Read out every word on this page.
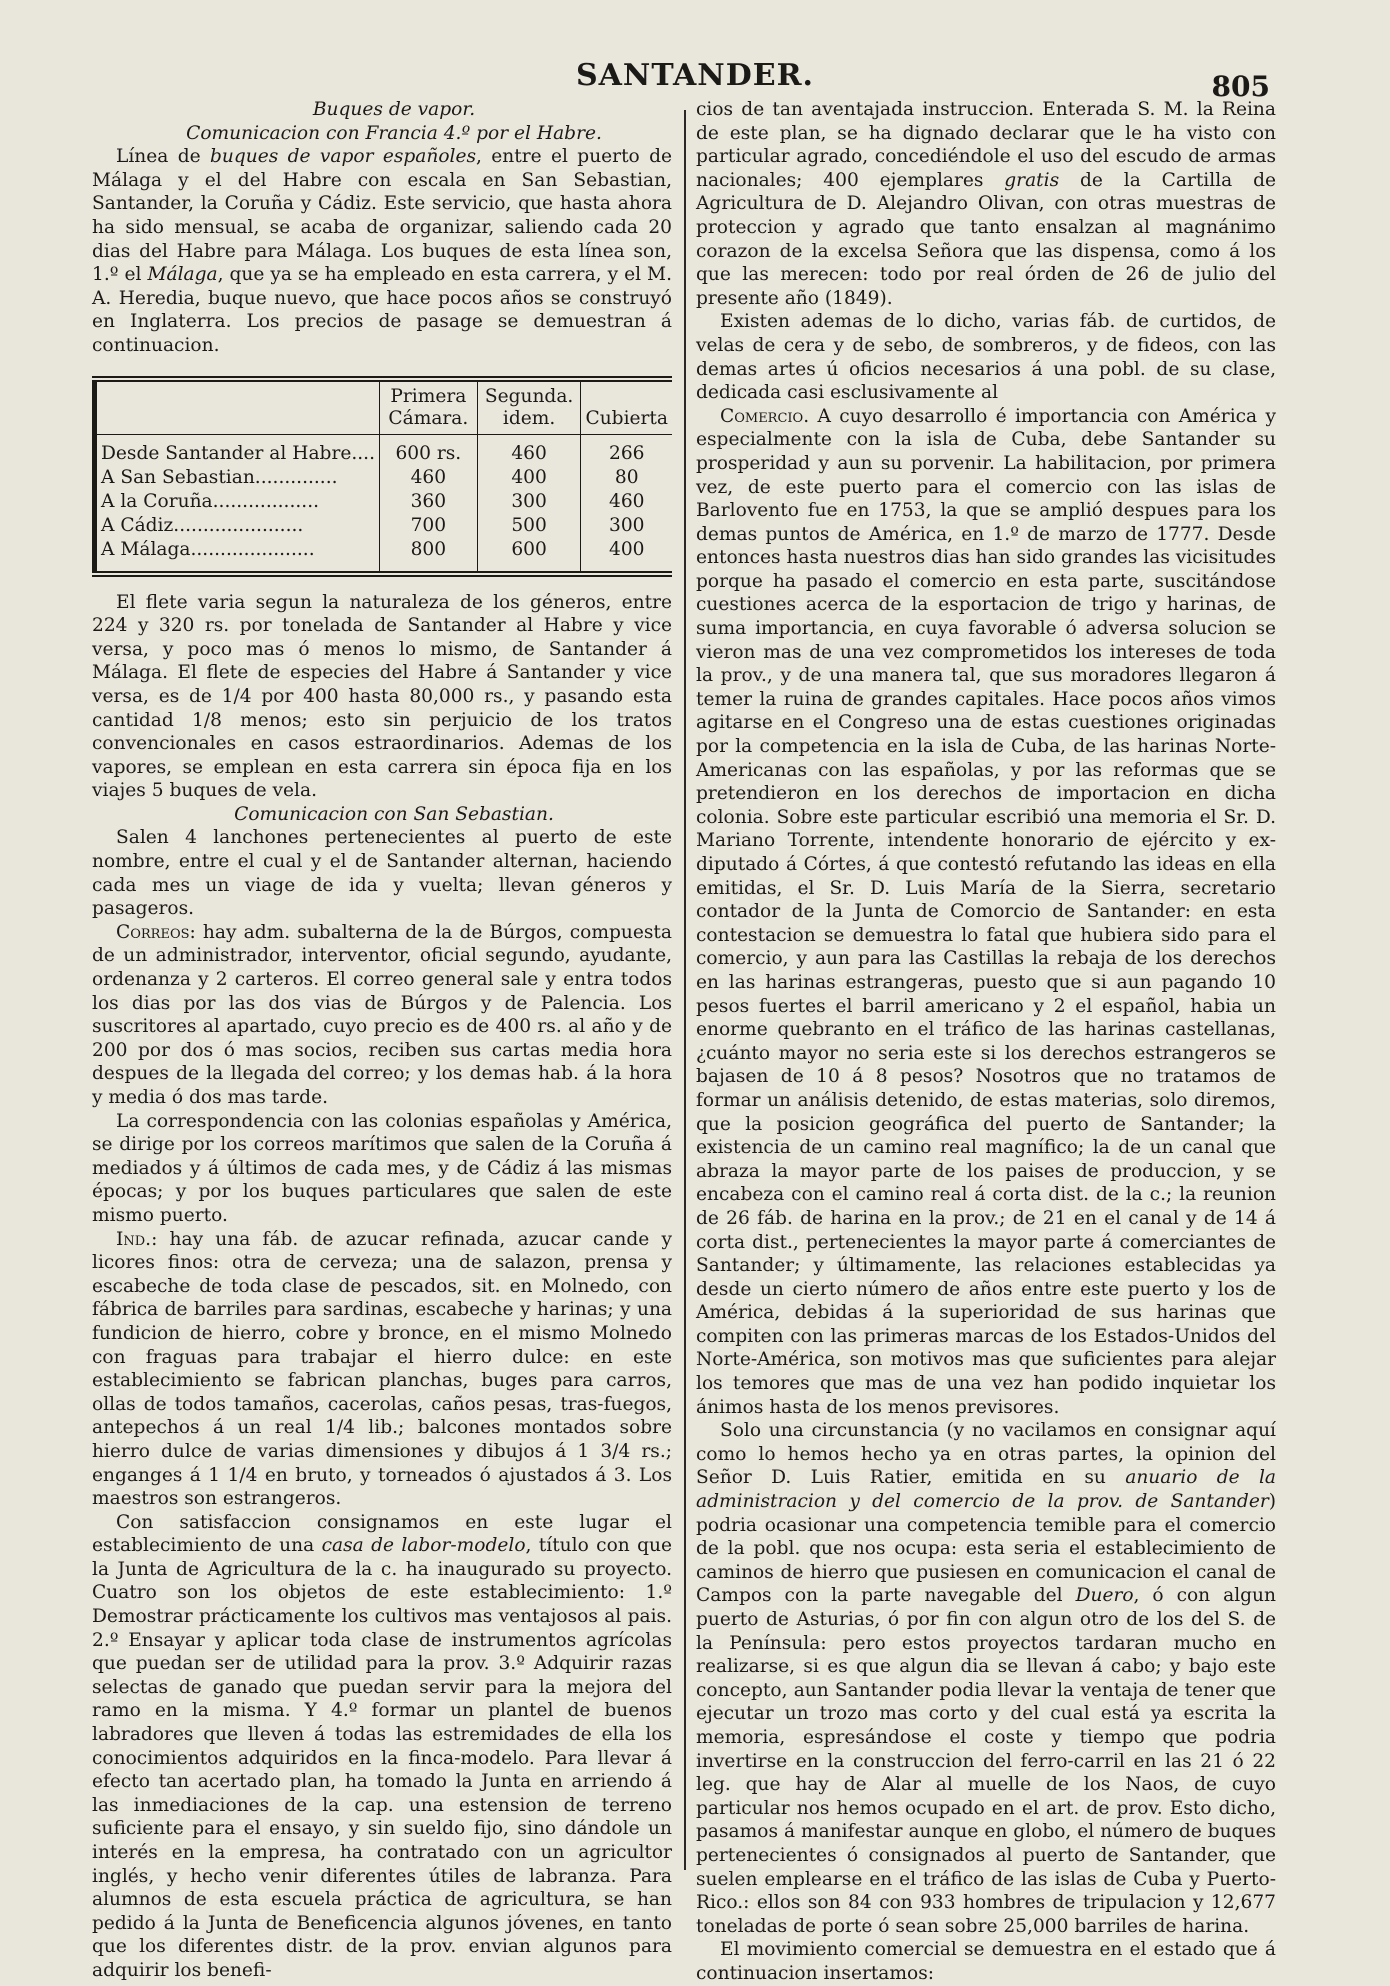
SANTANDER.	805

Buques de vapor.

Comunicacion con Francia 4.º por el Habre.

Línea de buques de vapor españoles, entre el puerto de Málaga y el del Habre con escala en San Sebastian, Santander, la Coruña y Cádiz. Este servicio, que hasta ahora ha sido mensual, se acaba de organizar, saliendo cada 20 dias del Habre para Málaga. Los buques de esta línea son, 1.º el Málaga, que ya se ha empleado en esta carrera, y el M. A. Heredia, buque nuevo, que hace pocos años se construyó en Inglaterra. Los precios de pasage se demuestran á continuacion.

	Primera Cámara.	Segunda. idem.	Cubierta
Desde Santander al Habre....	600 rs.	460	266
A San Sebastian..............	460	400	80
A la Coruña..................	360	300	460
A Cádiz......................	700	500	300
A Málaga.....................	800	600	400

El flete varia segun la naturaleza de los géneros, entre 224 y 320 rs. por tonelada de Santander al Habre y vice versa, y poco mas ó menos lo mismo, de Santander á Málaga. El flete de especies del Habre á Santander y vice versa, es de 1/4 por 400 hasta 80,000 rs., y pasando esta cantidad 1/8 menos; esto sin perjuicio de los tratos convencionales en casos estraordinarios. Ademas de los vapores, se emplean en esta carrera sin época fija en los viajes 5 buques de vela.

Comunicacion con San Sebastian.

Salen 4 lanchones pertenecientes al puerto de este nombre, entre el cual y el de Santander alternan, haciendo cada mes un viage de ida y vuelta; llevan géneros y pasageros.

Correos: hay adm. subalterna de la de Búrgos, compuesta de un administrador, interventor, oficial segundo, ayudante, ordenanza y 2 carteros. El correo general sale y entra todos los dias por las dos vias de Búrgos y de Palencia. Los suscritores al apartado, cuyo precio es de 400 rs. al año y de 200 por dos ó mas socios, reciben sus cartas media hora despues de la llegada del correo; y los demas hab. á la hora y media ó dos mas tarde.

La correspondencia con las colonias españolas y América, se dirige por los correos marítimos que salen de la Coruña á mediados y á últimos de cada mes, y de Cádiz á las mismas épocas; y por los buques particulares que salen de este mismo puerto.

Ind.: hay una fáb. de azucar refinada, azucar cande y licores finos: otra de cerveza; una de salazon, prensa y escabeche de toda clase de pescados, sit. en Molnedo, con fábrica de barriles para sardinas, escabeche y harinas; y una fundicion de hierro, cobre y bronce, en el mismo Molnedo con fraguas para trabajar el hierro dulce: en este establecimiento se fabrican planchas, buges para carros, ollas de todos tamaños, cacerolas, caños pesas, tras-fuegos, antepechos á un real 1/4 lib.; balcones montados sobre hierro dulce de varias dimensiones y dibujos á 1 3/4 rs.; enganges á 1 1/4 en bruto, y torneados ó ajustados á 3. Los maestros son estrangeros.

Con satisfaccion consignamos en este lugar el establecimiento de una casa de labor-modelo, título con que la Junta de Agricultura de la c. ha inaugurado su proyecto. Cuatro son los objetos de este establecimiento: 1.º Demostrar prácticamente los cultivos mas ventajosos al pais. 2.º Ensayar y aplicar toda clase de instrumentos agrícolas que puedan ser de utilidad para la prov. 3.º Adquirir razas selectas de ganado que puedan servir para la mejora del ramo en la misma. Y 4.º formar un plantel de buenos labradores que lleven á todas las estremidades de ella los conocimientos adquiridos en la finca-modelo. Para llevar á efecto tan acertado plan, ha tomado la Junta en arriendo á las inmediaciones de la cap. una estension de terreno suficiente para el ensayo, y sin sueldo fijo, sino dándole un interés en la empresa, ha contratado con un agricultor inglés, y hecho venir diferentes útiles de labranza. Para alumnos de esta escuela práctica de agricultura, se han pedido á la Junta de Beneficencia algunos jóvenes, en tanto que los diferentes distr. de la prov. envian algunos para adquirir los benefi-

cios de tan aventajada instruccion. Enterada S. M. la Reina de este plan, se ha dignado declarar que le ha visto con particular agrado, concediéndole el uso del escudo de armas nacionales; 400 ejemplares gratis de la Cartilla de Agricultura de D. Alejandro Olivan, con otras muestras de proteccion y agrado que tanto ensalzan al magnánimo corazon de la excelsa Señora que las dispensa, como á los que las merecen: todo por real órden de 26 de julio del presente año (1849).

Existen ademas de lo dicho, varias fáb. de curtidos, de velas de cera y de sebo, de sombreros, y de fideos, con las demas artes ú oficios necesarios á una pobl. de su clase, dedicada casi esclusivamente al

Comercio. A cuyo desarrollo é importancia con América y especialmente con la isla de Cuba, debe Santander su prosperidad y aun su porvenir. La habilitacion, por primera vez, de este puerto para el comercio con las islas de Barlovento fue en 1753, la que se amplió despues para los demas puntos de América, en 1.º de marzo de 1777. Desde entonces hasta nuestros dias han sido grandes las vicisitudes porque ha pasado el comercio en esta parte, suscitándose cuestiones acerca de la esportacion de trigo y harinas, de suma importancia, en cuya favorable ó adversa solucion se vieron mas de una vez comprometidos los intereses de toda la prov., y de una manera tal, que sus moradores llegaron á temer la ruina de grandes capitales. Hace pocos años vimos agitarse en el Congreso una de estas cuestiones originadas por la competencia en la isla de Cuba, de las harinas Norte-Americanas con las españolas, y por las reformas que se pretendieron en los derechos de importacion en dicha colonia. Sobre este particular escribió una memoria el Sr. D. Mariano Torrente, intendente honorario de ejército y ex-diputado á Córtes, á que contestó refutando las ideas en ella emitidas, el Sr. D. Luis María de la Sierra, secretario contador de la Junta de Comorcio de Santander: en esta contestacion se demuestra lo fatal que hubiera sido para el comercio, y aun para las Castillas la rebaja de los derechos en las harinas estrangeras, puesto que si aun pagando 10 pesos fuertes el barril americano y 2 el español, habia un enorme quebranto en el tráfico de las harinas castellanas, ¿cuánto mayor no seria este si los derechos estrangeros se bajasen de 10 á 8 pesos? Nosotros que no tratamos de formar un análisis detenido, de estas materias, solo diremos, que la posicion geográfica del puerto de Santander; la existencia de un camino real magnífico; la de un canal que abraza la mayor parte de los paises de produccion, y se encabeza con el camino real á corta dist. de la c.; la reunion de 26 fáb. de harina en la prov.; de 21 en el canal y de 14 á corta dist., pertenecientes la mayor parte á comerciantes de Santander; y últimamente, las relaciones establecidas ya desde un cierto número de años entre este puerto y los de América, debidas á la superioridad de sus harinas que compiten con las primeras marcas de los Estados-Unidos del Norte-América, son motivos mas que suficientes para alejar los temores que mas de una vez han podido inquietar los ánimos hasta de los menos previsores.

Solo una circunstancia (y no vacilamos en consignar aquí como lo hemos hecho ya en otras partes, la opinion del Señor D. Luis Ratier, emitida en su anuario de la administracion y del comercio de la prov. de Santander) podria ocasionar una competencia temible para el comercio de la pobl. que nos ocupa: esta seria el establecimiento de caminos de hierro que pusiesen en comunicacion el canal de Campos con la parte navegable del Duero, ó con algun puerto de Asturias, ó por fin con algun otro de los del S. de la Península: pero estos proyectos tardaran mucho en realizarse, si es que algun dia se llevan á cabo; y bajo este concepto, aun Santander podia llevar la ventaja de tener que ejecutar un trozo mas corto y del cual está ya escrita la memoria, espresándose el coste y tiempo que podria invertirse en la construccion del ferro-carril en las 21 ó 22 leg. que hay de Alar al muelle de los Naos, de cuyo particular nos hemos ocupado en el art. de prov. Esto dicho, pasamos á manifestar aunque en globo, el número de buques pertenecientes ó consignados al puerto de Santander, que suelen emplearse en el tráfico de las islas de Cuba y Puerto-Rico.: ellos son 84 con 933 hombres de tripulacion y 12,677 toneladas de porte ó sean sobre 25,000 barriles de harina.

El movimiento comercial se demuestra en el estado que á continuacion insertamos:
